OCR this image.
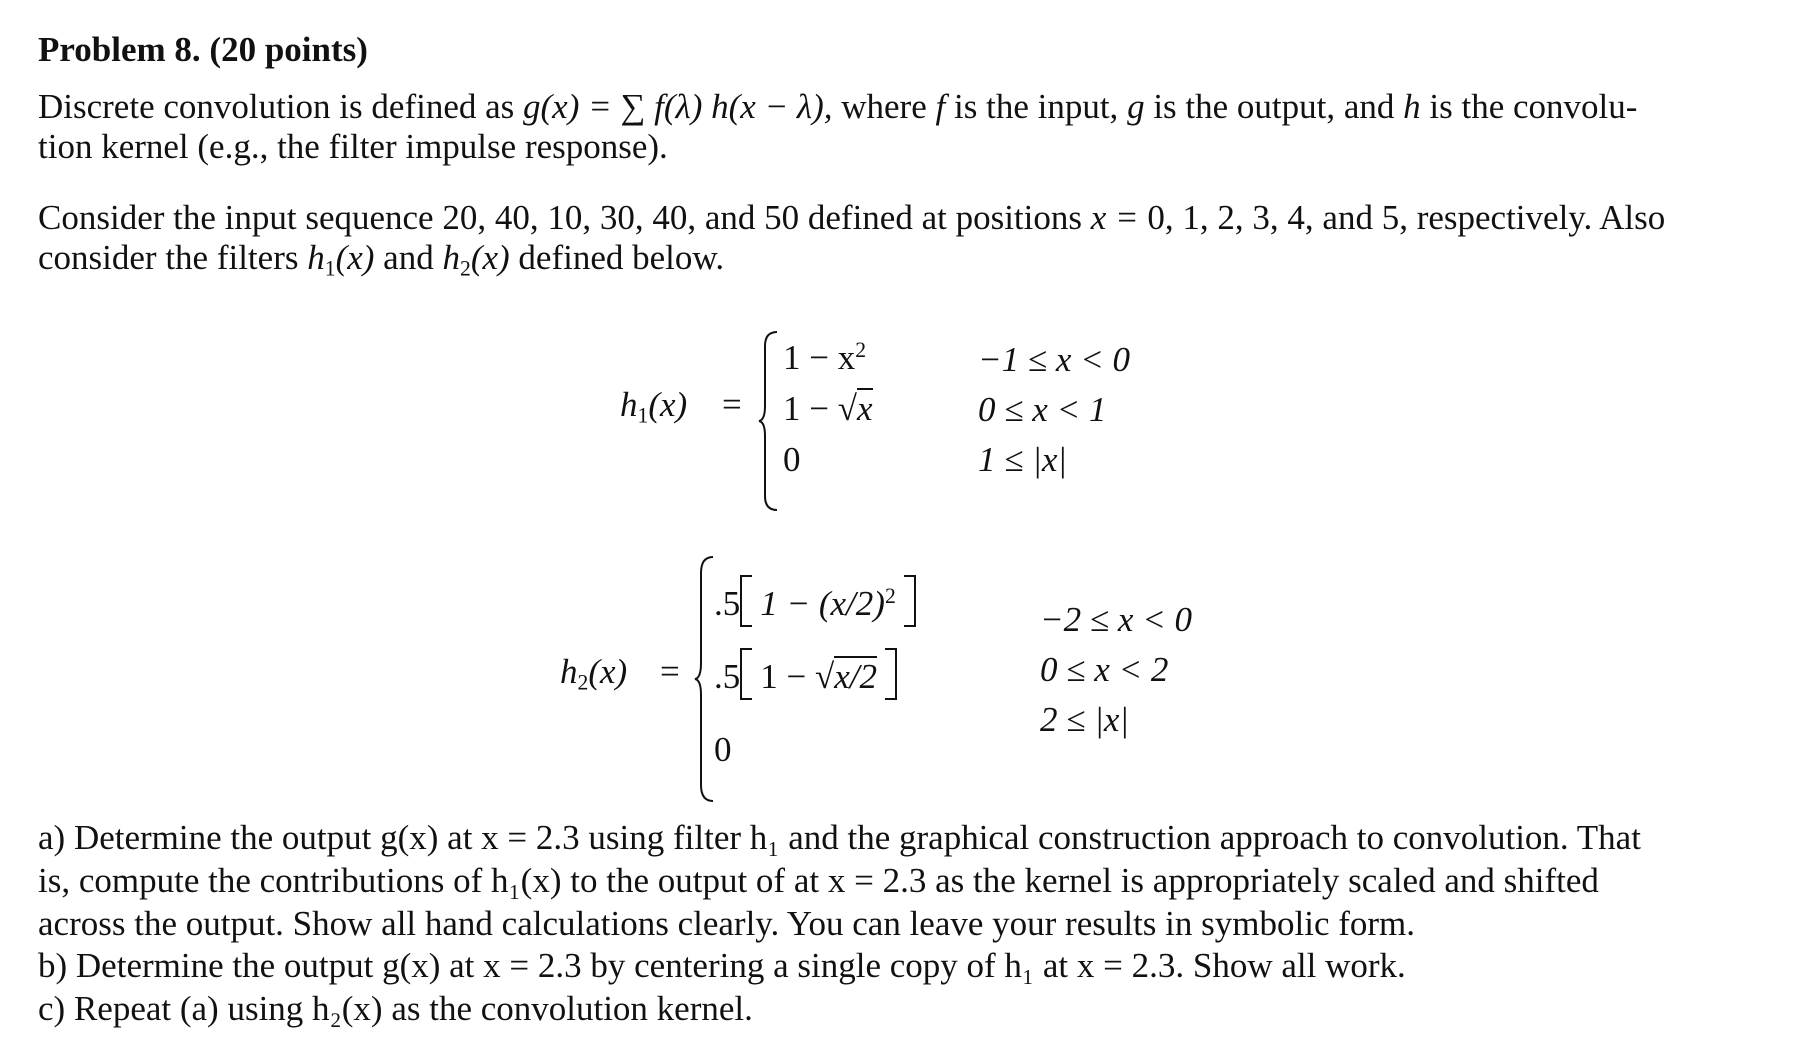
Problem 8. (20 points)
Discrete convolution is defined as g(x) = ∑ f(λ) h(x − λ), where f is the input, g is the output, and h is the convolu-
tion kernel (e.g., the filter impulse response).
Consider the input sequence 20, 40, 10, 30, 40, and 50 defined at positions x = 0, 1, 2, 3, 4, and 5, respectively. Also
consider the filters $h_1(x)$ and $h_2(x)$ defined below.
$h_1(x)$ =
$1 - x^2$
1 − √x
0
−1 ≤ x < 0
0 ≤ x < 1
1 ≤ |x|
$h_2(x)$ =
.5 $1 - (x/2)^2$
.5 1 − √x/2
0
−2 ≤ x < 0
0 ≤ x < 2
2 ≤ |x|
a) Determine the output g(x) at x = 2.3 using filter h₁ and the graphical construction approach to convolution. That
is, compute the contributions of h₁(x) to the output of at x = 2.3 as the kernel is appropriately scaled and shifted
across the output. Show all hand calculations clearly. You can leave your results in symbolic form.
b) Determine the output g(x) at x = 2.3 by centering a single copy of h₁ at x = 2.3. Show all work.
c) Repeat (a) using h₂(x) as the convolution kernel.
